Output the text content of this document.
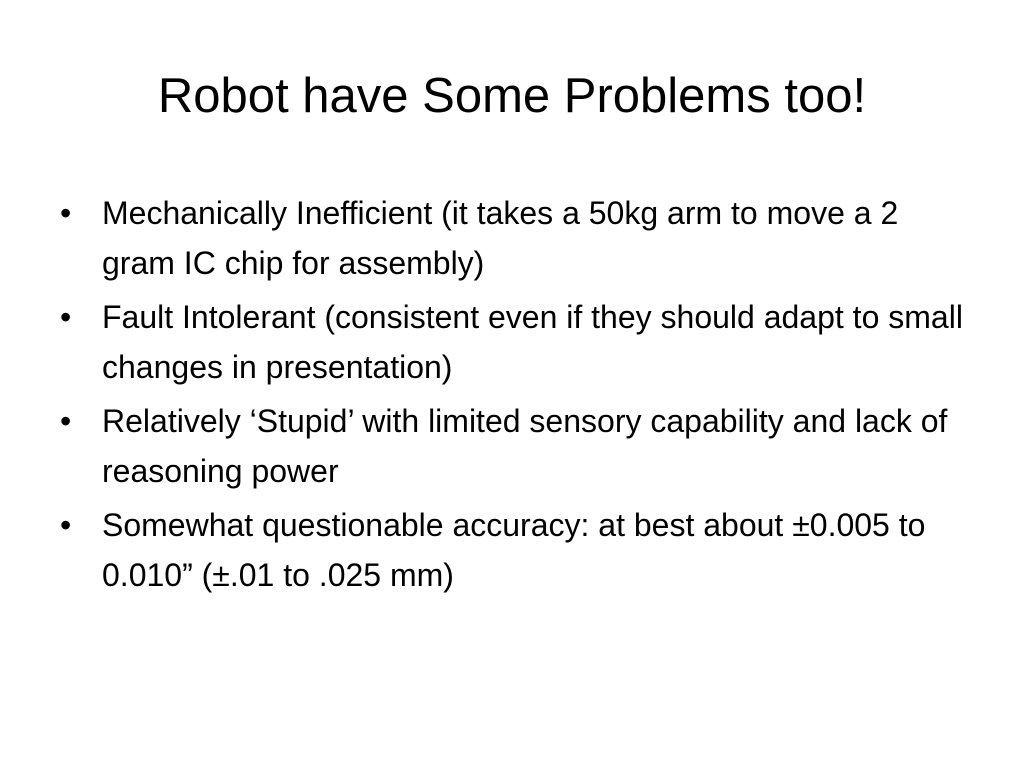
Robot have Some Problems too!
• Mechanically Inefficient (it takes a 50kg arm to move a 2 gram IC chip for assembly)
• Fault Intolerant (consistent even if they should adapt to small changes in presentation)
• Relatively ‘Stupid’ with limited sensory capability and lack of reasoning power
• Somewhat questionable accuracy: at best about ±0.005 to 0.010” (±.01 to .025 mm)
